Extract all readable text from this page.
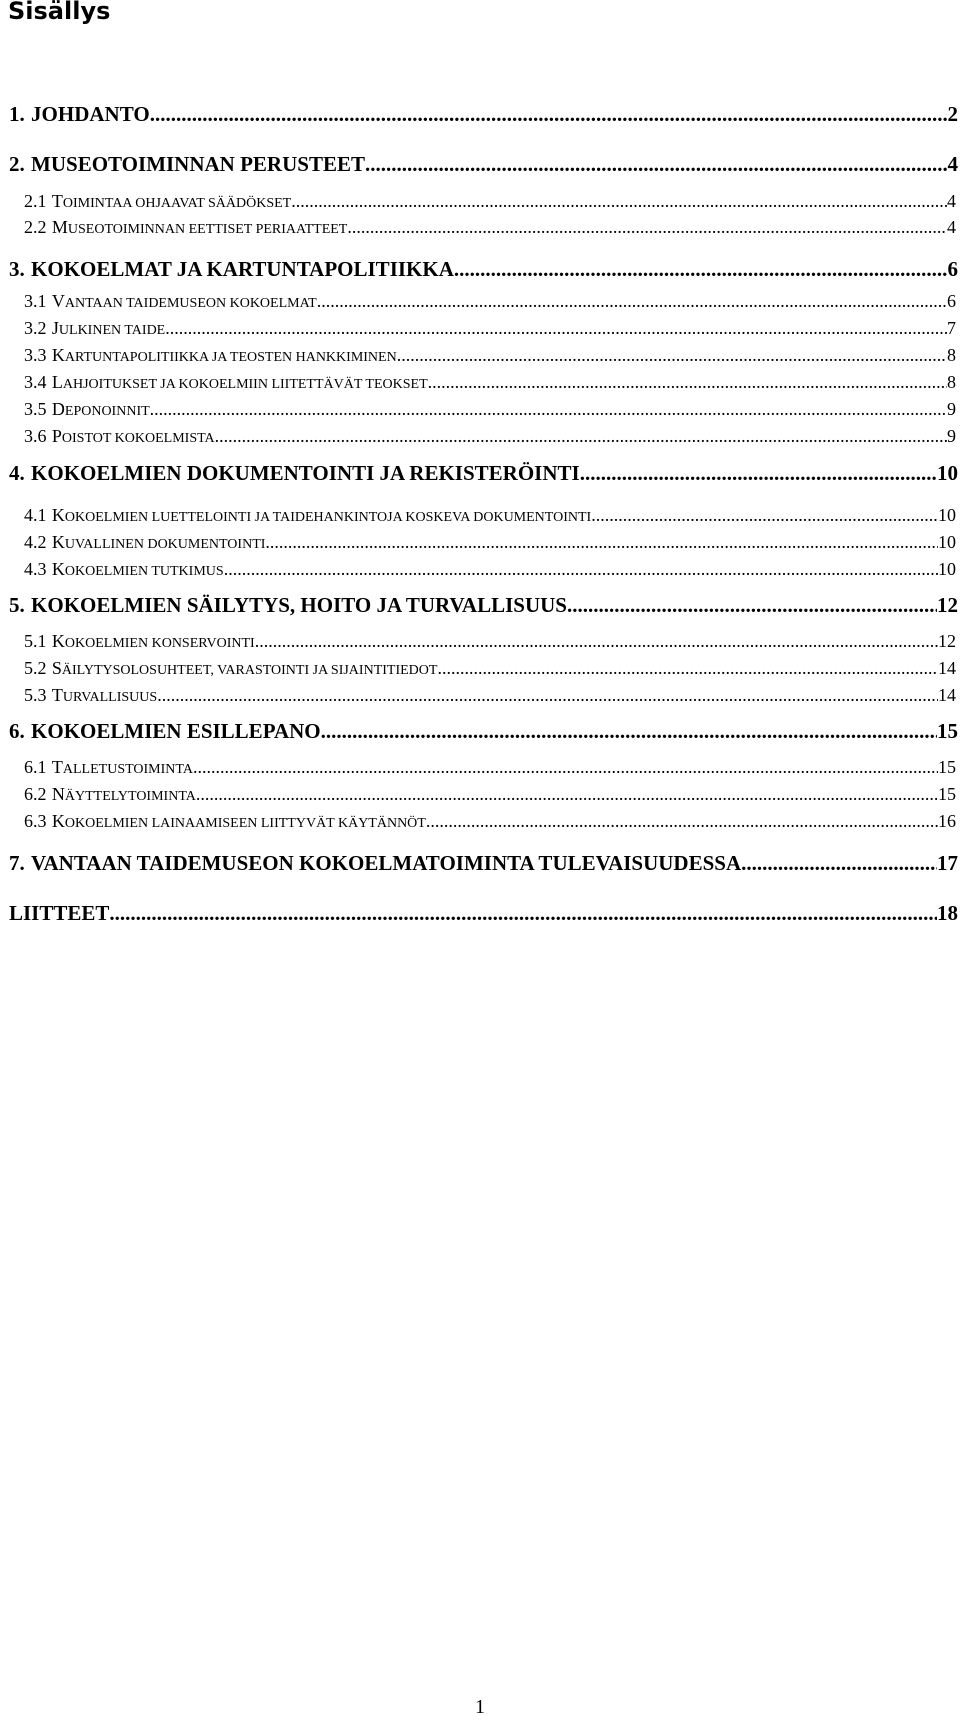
Sisällys
1. JOHDANTO .....	2
2. MUSEOTOIMINNAN PERUSTEET .....	4
2.1 TOIMINTAA OHJAAVAT SÄÄDÖKSET .....	4
2.2 MUSEOTOIMINNAN EETTISET PERIAATTEET .....	4
3. KOKOELMAT JA KARTUNTAPOLITIIKKA .....	6
3.1 VANTAAN TAIDEMUSEON KOKOELMAT .....	6
3.2 JULKINEN TAIDE .....	7
3.3 KARTUNTAPOLITIIKKA JA TEOSTEN HANKKIMINEN .....	8
3.4 LAHJOITUKSET JA KOKOELMIIN LIITETTÄVÄT TEOKSET .....	8
3.5 DEPONOINNIT .....	9
3.6 POISTOT KOKOELMISTA .....	9
4. KOKOELMIEN DOKUMENTOINTI JA REKISTERÖINTI .....	10
4.1 KOKOELMIEN LUETTELOINTI JA TAIDEHANKINTOJA KOSKEVA DOKUMENTOINTI .....	10
4.2 KUVALLINEN DOKUMENTOINTI .....	10
4.3 KOKOELMIEN TUTKIMUS .....	10
5. KOKOELMIEN SÄILYTYS, HOITO JA TURVALLISUUS .....	12
5.1 KOKOELMIEN KONSERVOINTI .....	12
5.2 SÄILYTYSOLOSUHTEET, VARASTOINTI JA SIJAINTITIEDOT .....	14
5.3 TURVALLISUUS .....	14
6. KOKOELMIEN ESILLEPANO .....	15
6.1 TALLETUSTOIMINTA .....	15
6.2 NÄYTTELYTOIMINTA .....	15
6.3 KOKOELMIEN LAINAAMISEEN LIITTYVÄT KÄYTÄNNÖT .....	16
7. VANTAAN TAIDEMUSEON KOKOELMATOIMINTA TULEVAISUUDESSA .....	17
LIITTEET .....	18

1
